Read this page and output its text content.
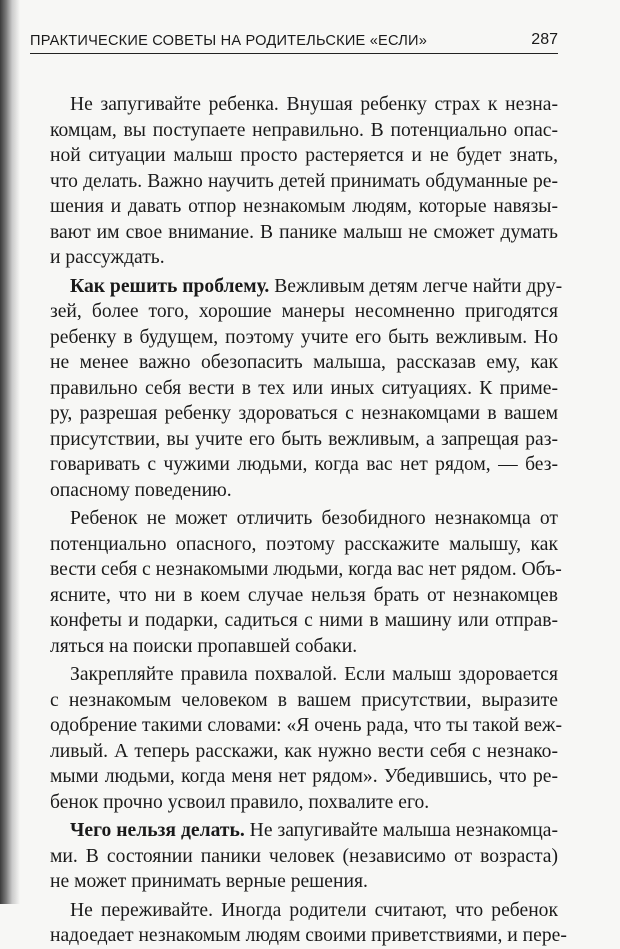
ПРАКТИЧЕСКИЕ СОВЕТЫ НА РОДИТЕЛЬСКИЕ «ЕСЛИ»	287
Не запугивайте ребенка. Внушая ребенку страх к незна-
комцам, вы поступаете неправильно. В потенциально опас-
ной ситуации малыш просто растеряется и не будет знать,
что делать. Важно научить детей принимать обдуманные ре-
шения и давать отпор незнакомым людям, которые навязы-
вают им свое внимание. В панике малыш не сможет думать
и рассуждать.
Как решить проблему. Вежливым детям легче найти дру-
зей, более того, хорошие манеры несомненно пригодятся
ребенку в будущем, поэтому учите его быть вежливым. Но
не менее важно обезопасить малыша, рассказав ему, как
правильно себя вести в тех или иных ситуациях. К приме-
ру, разрешая ребенку здороваться с незнакомцами в вашем
присутствии, вы учите его быть вежливым, а запрещая раз-
говаривать с чужими людьми, когда вас нет рядом, — без-
опасному поведению.
Ребенок не может отличить безобидного незнакомца от
потенциально опасного, поэтому расскажите малышу, как
вести себя с незнакомыми людьми, когда вас нет рядом. Объ-
ясните, что ни в коем случае нельзя брать от незнакомцев
конфеты и подарки, садиться с ними в машину или отправ-
ляться на поиски пропавшей собаки.
Закрепляйте правила похвалой. Если малыш здоровается
с незнакомым человеком в вашем присутствии, выразите
одобрение такими словами: «Я очень рада, что ты такой веж-
ливый. А теперь расскажи, как нужно вести себя с незнако-
мыми людьми, когда меня нет рядом». Убедившись, что ре-
бенок прочно усвоил правило, похвалите его.
Чего нельзя делать. Не запугивайте малыша незнакомца-
ми. В состоянии паники человек (независимо от возраста)
не может принимать верные решения.
Не переживайте. Иногда родители считают, что ребенок
надоедает незнакомым людям своими приветствиями, и пере-
